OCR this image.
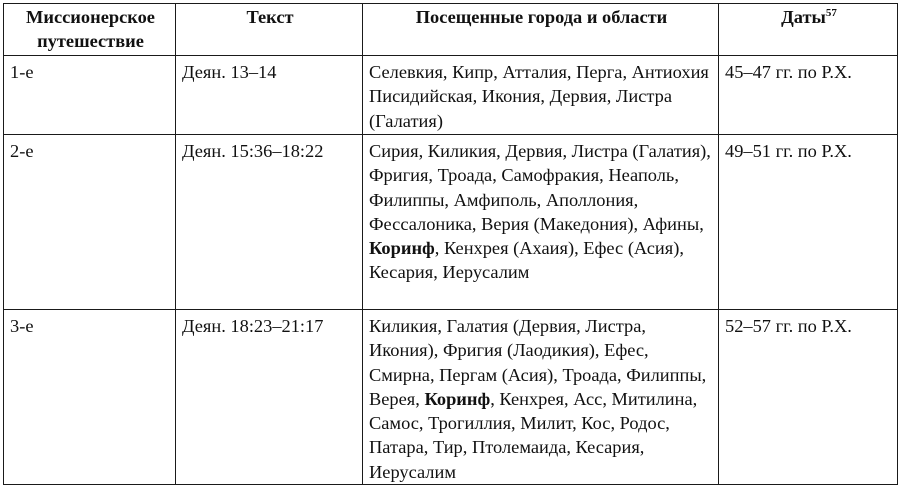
Миссионерское путешествие	Текст	Посещенные города и области	Даты$^{57}$
1-е	Деян. 13–14	Селевкия, Кипр, Атталия, Перга, Антиохия Писидийская, Икония, Дервия, Листра (Галатия)	45–47 гг. по Р.Х.
2-е	Деян. 15:36–18:22	Сирия, Киликия, Дервия, Листра (Галатия), Фригия, Троада, Самофракия, Неаполь, Филиппы, Амфиполь, Аполлония, Фессалоника, Верия (Македония), Афины, Коринф, Кенхрея (Ахаия), Ефес (Асия), Кесария, Иерусалим	49–51 гг. по Р.Х.
3-е	Деян. 18:23–21:17	Киликия, Галатия (Дервия, Листра, Икония), Фригия (Лаодикия), Ефес, Смирна, Пергам (Асия), Троада, Филиппы, Верея, Коринф, Кенхрея, Асс, Митилина, Самос, Трогиллия, Милит, Кос, Родос, Патара, Тир, Птолемаида, Кесария, Иерусалим	52–57 гг. по Р.Х.
